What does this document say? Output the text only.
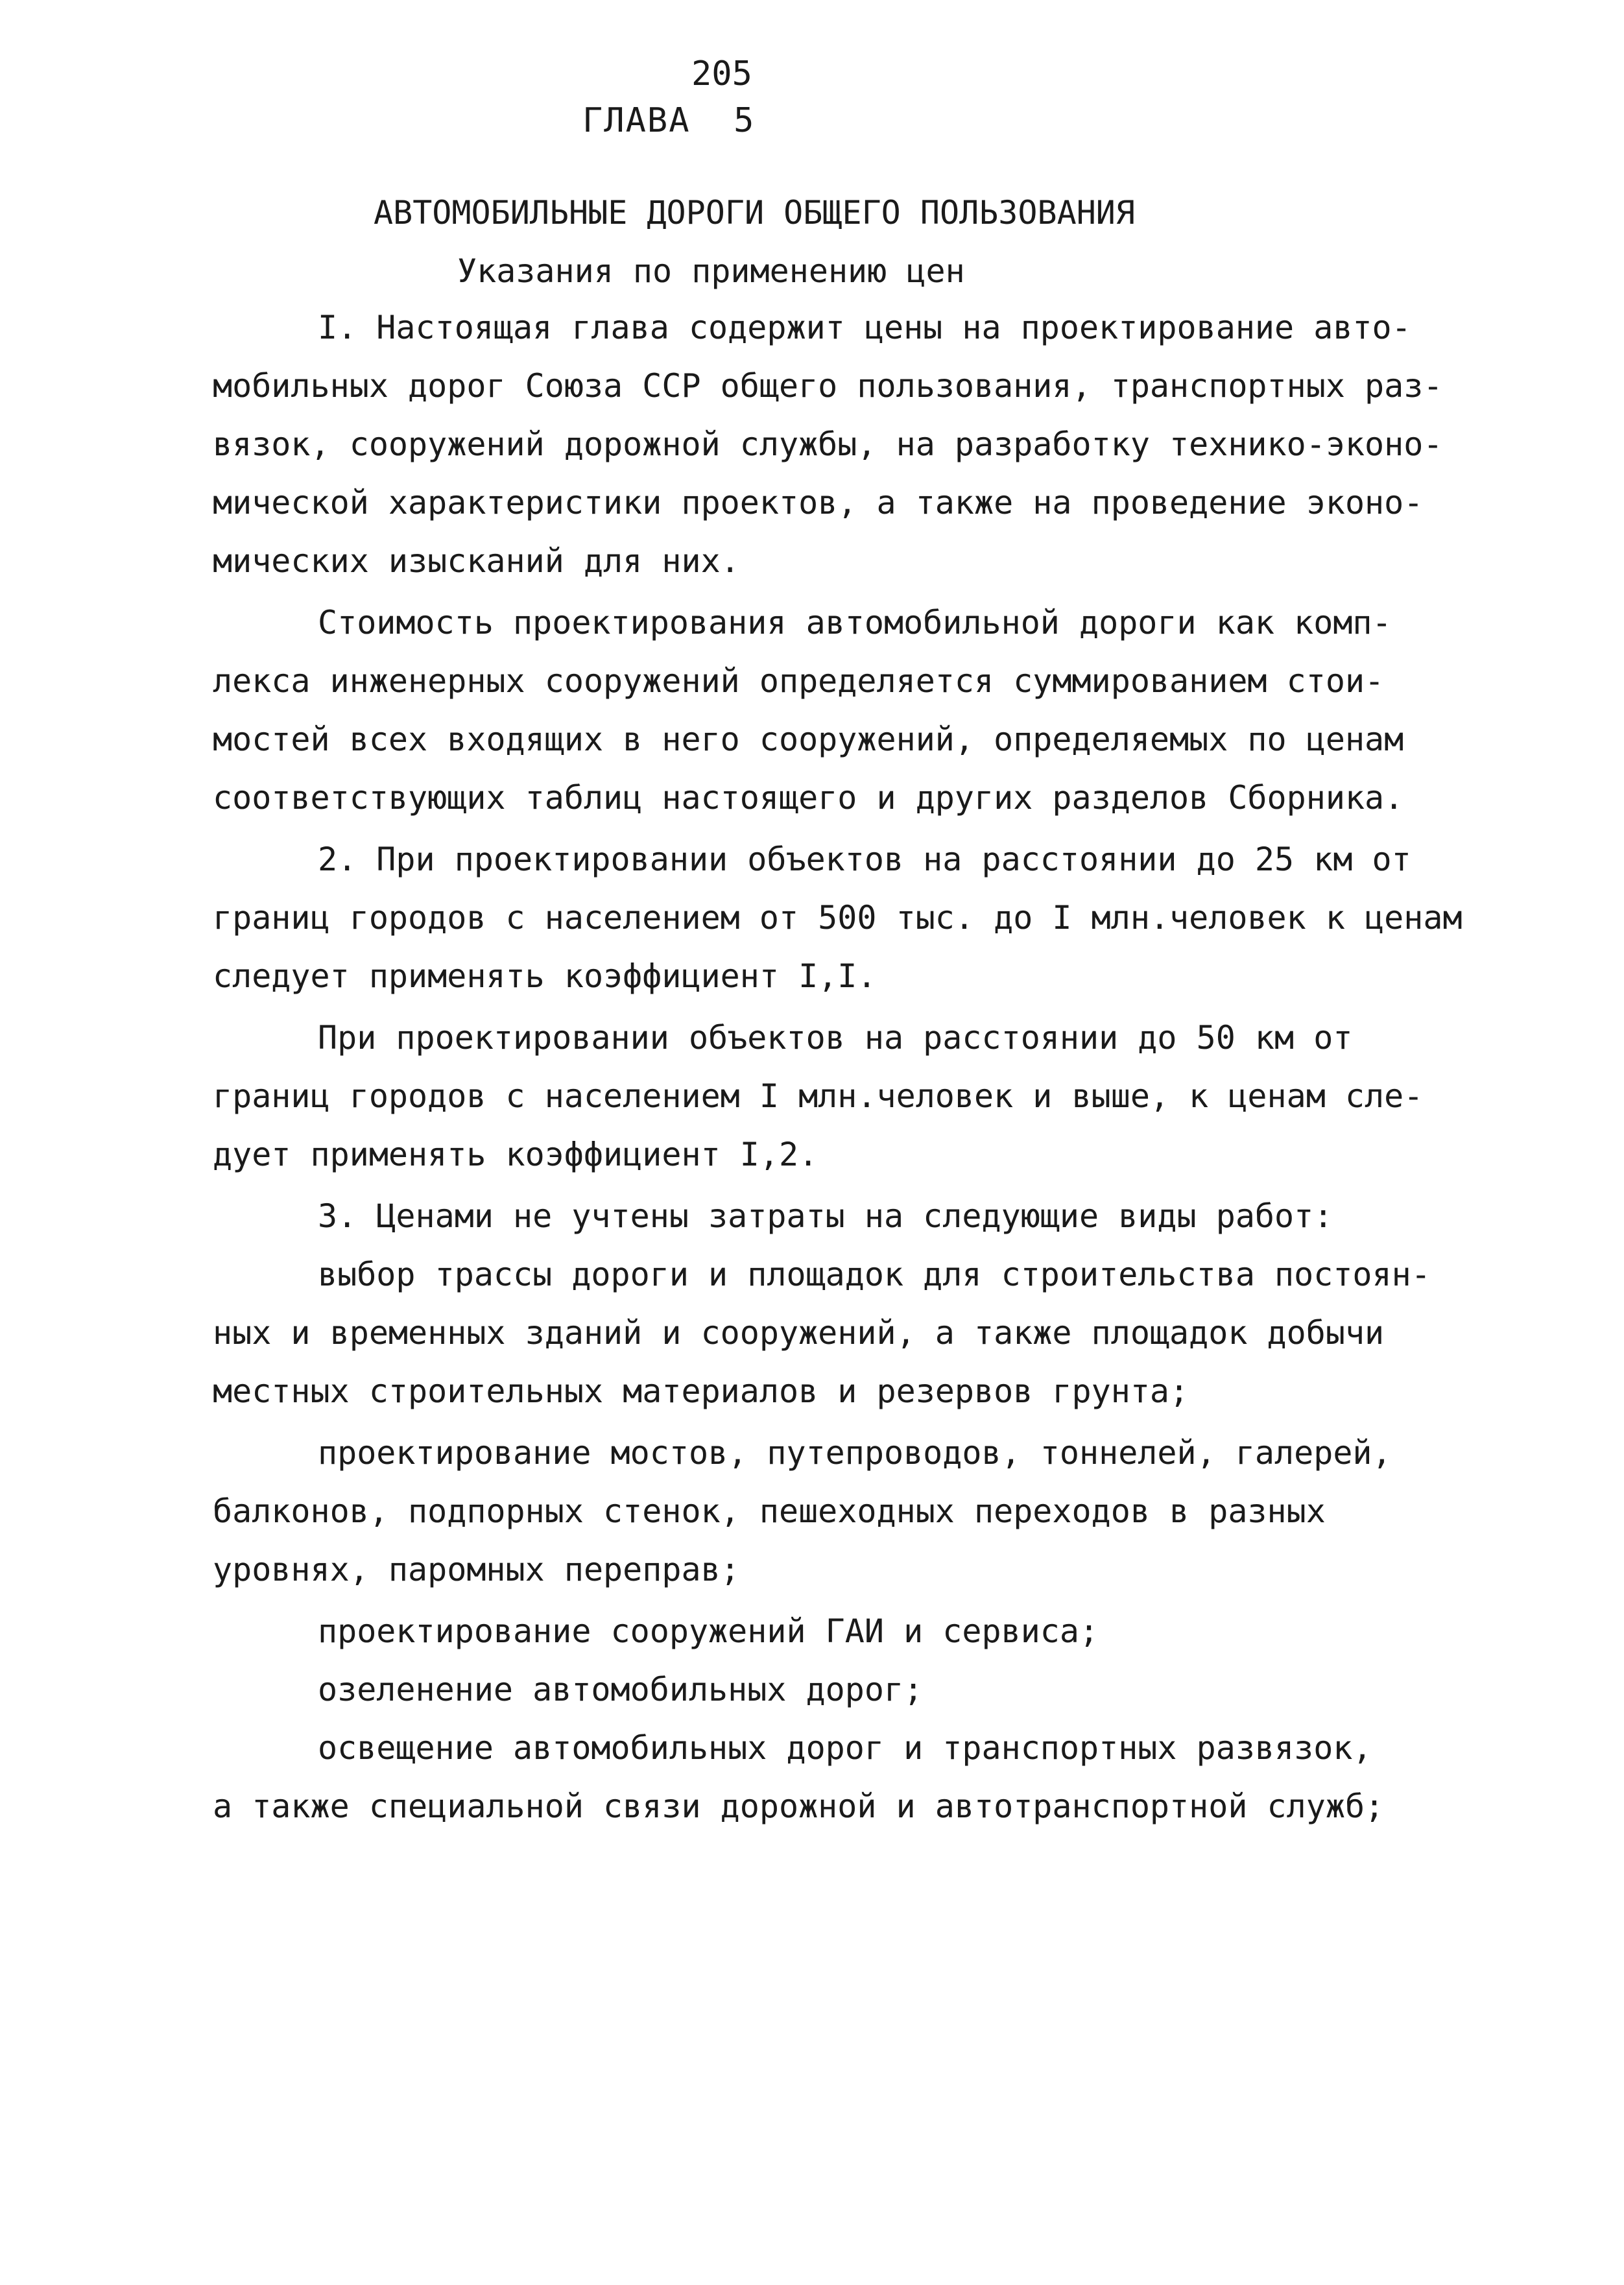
205
ГЛАВА  5
АВТОМОБИЛЬНЫЕ ДОРОГИ ОБЩЕГО ПОЛЬЗОВАНИЯ
Указания по применению цен
I. Настоящая глава содержит цены на проектирование авто-
мобильных дорог Союза ССР общего пользования, транспортных раз-
вязок, сооружений дорожной службы, на разработку технико-эконо-
мической характеристики проектов, а также на проведение эконо-
мических изысканий для них.
Стоимость проектирования автомобильной дороги как комп-
лекса инженерных сооружений определяется суммированием стои-
мостей всех входящих в него сооружений, определяемых по ценам
соответствующих таблиц настоящего и других разделов Сборника.
2. При проектировании объектов на расстоянии до 25 км от
границ городов с населением от 500 тыс. до I млн.человек к ценам
следует применять коэффициент I,I.
При проектировании объектов на расстоянии до 50 км от
границ городов с населением I млн.человек и выше, к ценам сле-
дует применять коэффициент I,2.
3. Ценами не учтены затраты на следующие виды работ:
выбор трассы дороги и площадок для строительства постоян-
ных и временных зданий и сооружений, а также площадок добычи
местных строительных материалов и резервов грунта;
проектирование мостов, путепроводов, тоннелей, галерей,
балконов, подпорных стенок, пешеходных переходов в разных
уровнях, паромных переправ;
проектирование сооружений ГАИ и сервиса;
озеленение автомобильных дорог;
освещение автомобильных дорог и транспортных развязок,
а также специальной связи дорожной и автотранспортной служб;
